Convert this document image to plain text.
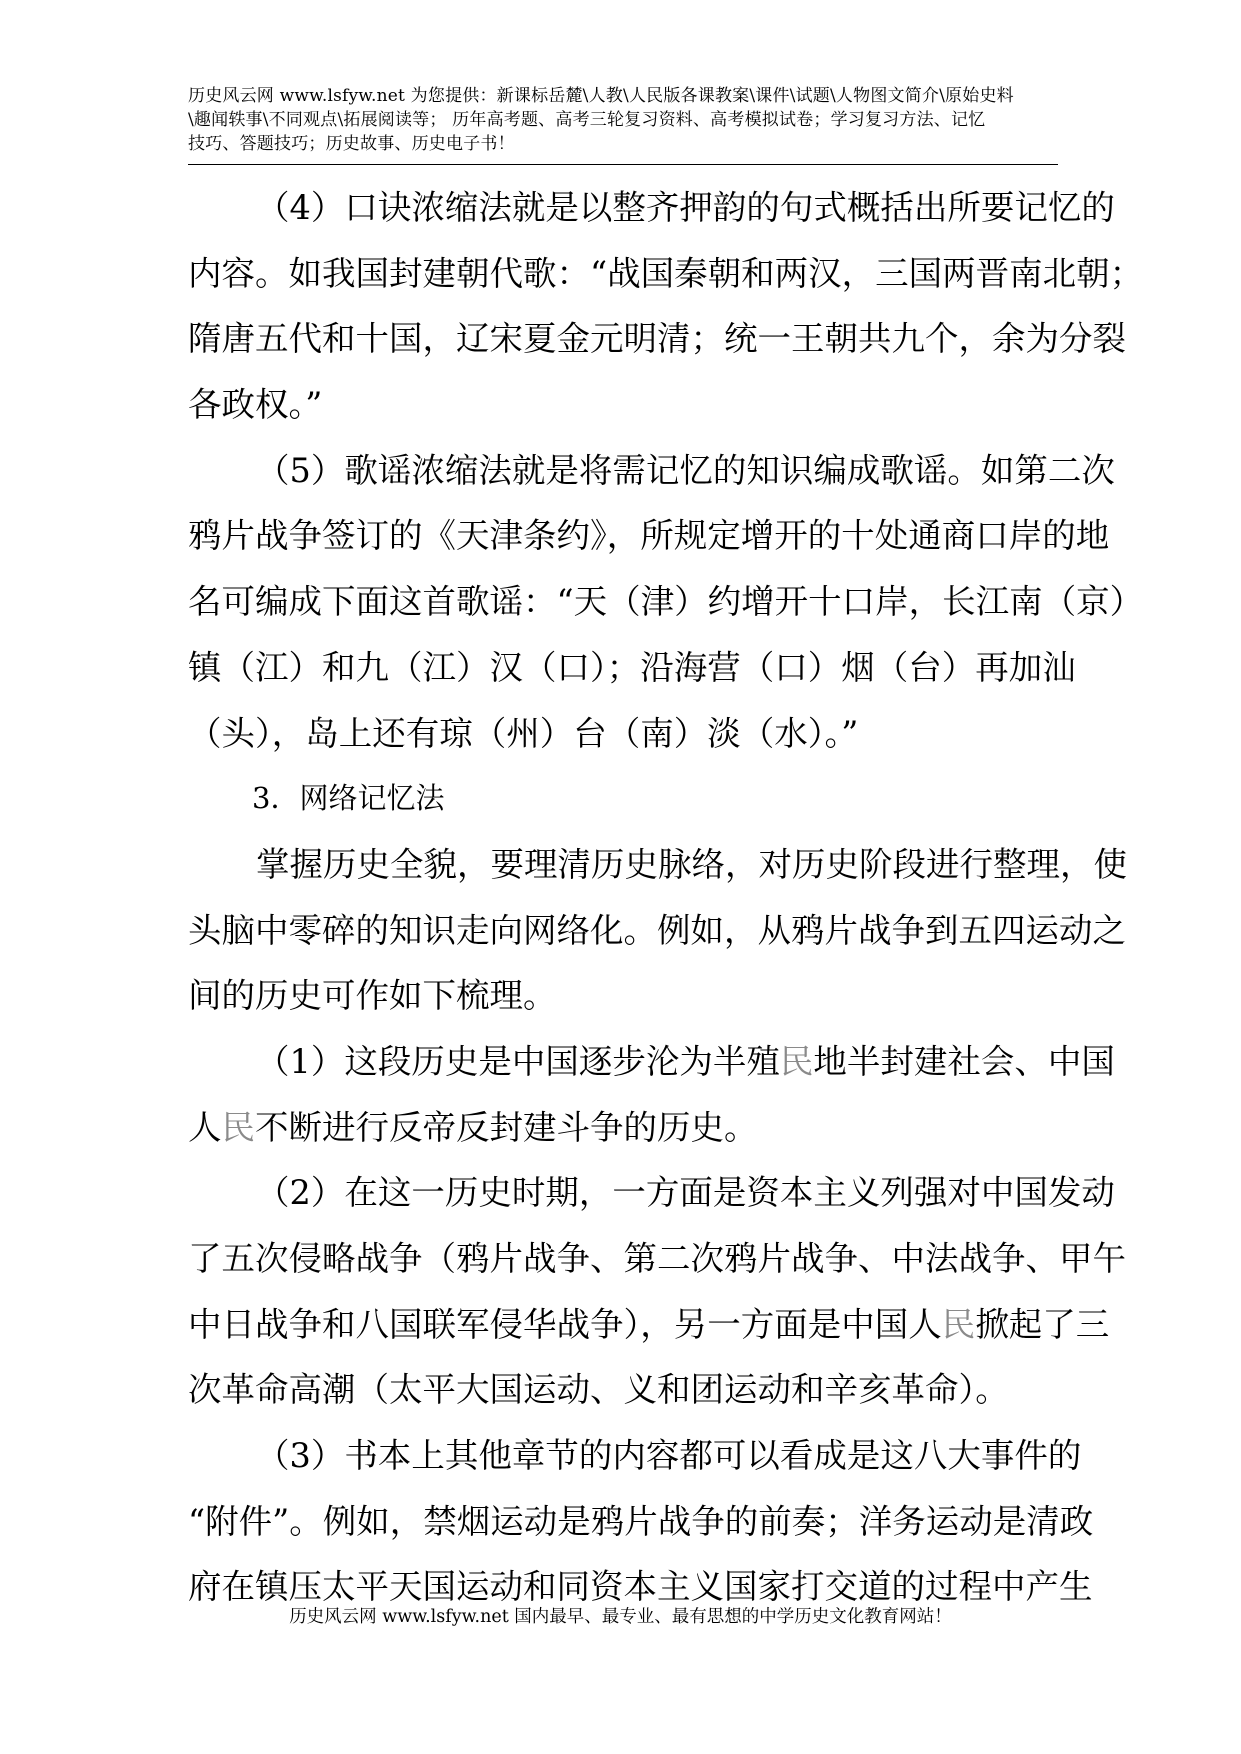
历史风云网 www.lsfyw.net 为您提供：新课标岳麓\人教\人民版各课教案\课件\试题\人物图文简介\原始史料
\趣闻轶事\不同观点\拓展阅读等； 历年高考题、高考三轮复习资料、高考模拟试卷；学习复习方法、记忆
技巧、答题技巧；历史故事、历史电子书！
（4）口诀浓缩法就是以整齐押韵的句式概括出所要记忆的
内容。如我国封建朝代歌：“战国秦朝和两汉，三国两晋南北朝；
隋唐五代和十国，辽宋夏金元明清；统一王朝共九个，余为分裂
各政权。”
（5）歌谣浓缩法就是将需记忆的知识编成歌谣。如第二次
鸦片战争签订的《天津条约》，所规定增开的十处通商口岸的地
名可编成下面这首歌谣：“天（津）约增开十口岸，长江南（京）
镇（江）和九（江）汉（口）；沿海营（口）烟（台）再加汕
（头），岛上还有琼（州）台（南）淡（水）。”
3．网络记忆法
掌握历史全貌，要理清历史脉络，对历史阶段进行整理，使
头脑中零碎的知识走向网络化。例如，从鸦片战争到五四运动之
间的历史可作如下梳理。
（1）这段历史是中国逐步沦为半殖民地半封建社会、中国
人民不断进行反帝反封建斗争的历史。
（2）在这一历史时期，一方面是资本主义列强对中国发动
了五次侵略战争（鸦片战争、第二次鸦片战争、中法战争、甲午
中日战争和八国联军侵华战争），另一方面是中国人民掀起了三
次革命高潮（太平大国运动、义和团运动和辛亥革命）。
（3）书本上其他章节的内容都可以看成是这八大事件的
“附件”。例如，禁烟运动是鸦片战争的前奏；洋务运动是清政
府在镇压太平天国运动和同资本主义国家打交道的过程中产生
历史风云网 www.lsfyw.net 国内最早、最专业、最有思想的中学历史文化教育网站！
